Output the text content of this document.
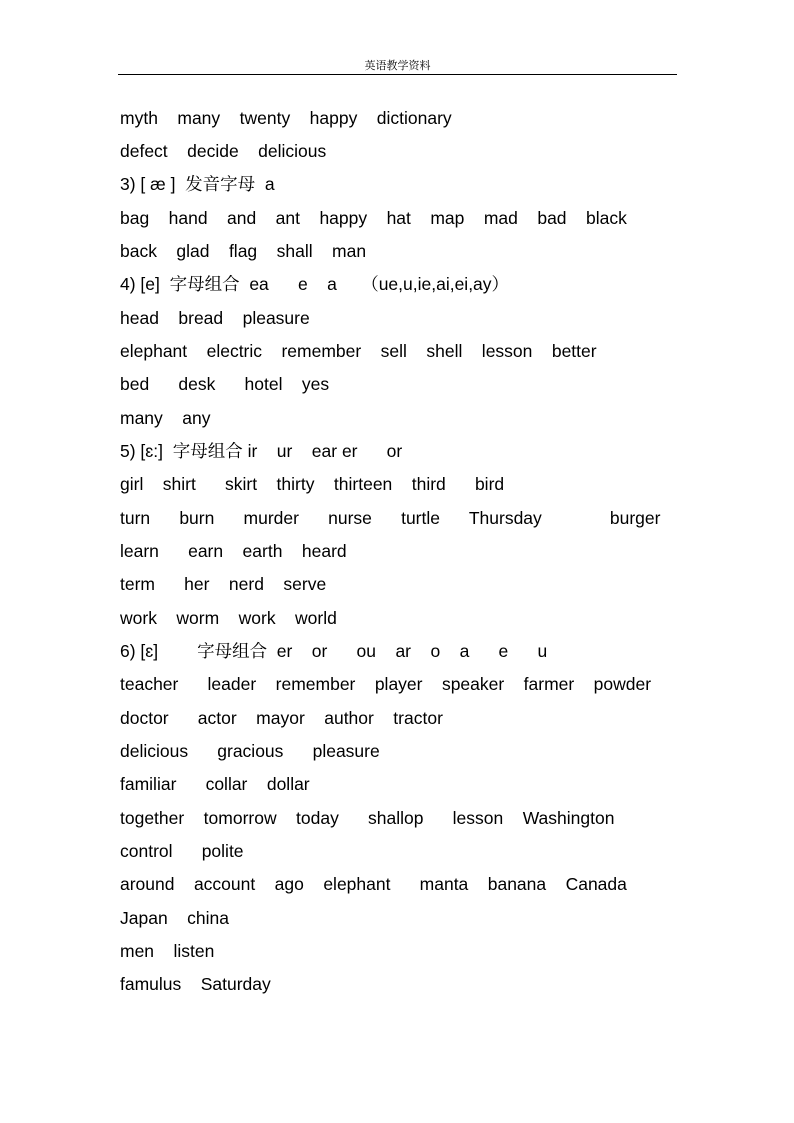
英语教学资料
myth    many    twenty    happy    dictionary
defect    decide    delicious
3) [ æ ]  发音字母  a
bag    hand    and    ant    happy    hat    map    mad    bad    black
back    glad    flag    shall    man
4) [e]  字母组合  ea      e    a     （ue,u,ie,ai,ei,ay）
head    bread    pleasure
elephant    electric    remember    sell    shell    lesson    better
bed      desk      hotel    yes
many    any
5) [ɛ:]  字母组合 ir    ur    ear er      or
girl    shirt      skirt    thirty    thirteen    third      bird
turn      burn      murder      nurse      turtle      Thursday              burger
learn      earn    earth    heard
term      her    nerd    serve
work    worm    work    world
6) [ɛ]        字母组合  er    or      ou    ar    o    a      e      u
teacher      leader    remember    player    speaker    farmer    powder
doctor      actor    mayor    author    tractor
delicious      gracious      pleasure
familiar      collar    dollar
together    tomorrow    today      shallop      lesson    Washington
control      polite
around    account    ago    elephant      manta    banana    Canada
Japan    china
men    listen
famulus    Saturday
